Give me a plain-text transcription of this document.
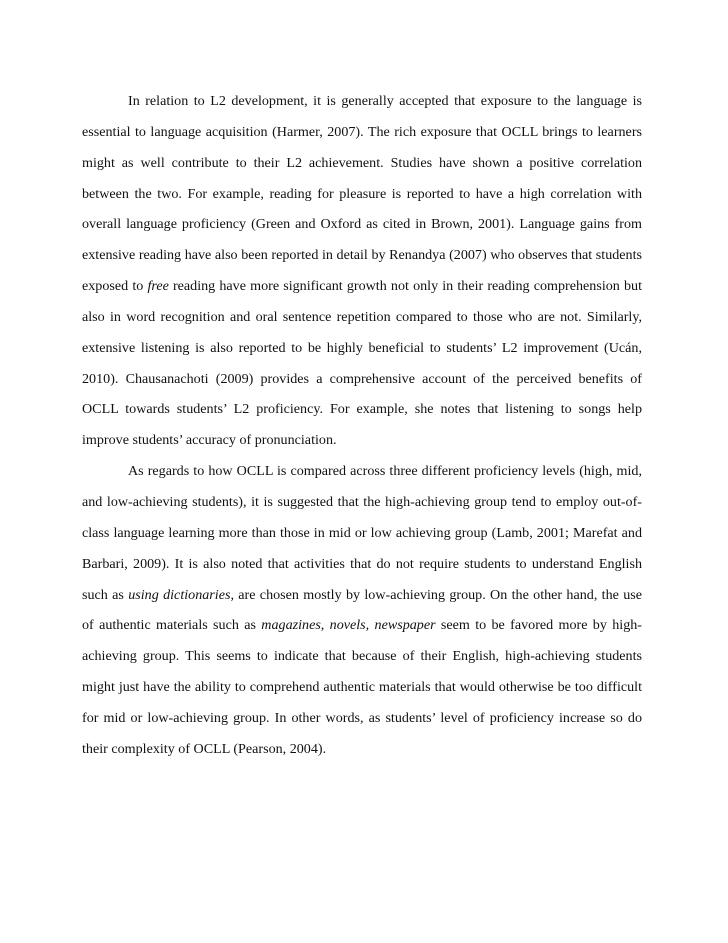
In relation to L2 development, it is generally accepted that exposure to the language is essential to language acquisition (Harmer, 2007). The rich exposure that OCLL brings to learners might as well contribute to their L2 achievement. Studies have shown a positive correlation between the two. For example, reading for pleasure is reported to have a high correlation with overall language proficiency (Green and Oxford as cited in Brown, 2001). Language gains from extensive reading have also been reported in detail by Renandya (2007) who observes that students exposed to free reading have more significant growth not only in their reading comprehension but also in word recognition and oral sentence repetition compared to those who are not. Similarly, extensive listening is also reported to be highly beneficial to students’ L2 improvement (Ucán, 2010). Chausanachoti (2009) provides a comprehensive account of the perceived benefits of OCLL towards students’ L2 proficiency. For example, she notes that listening to songs help improve students’ accuracy of pronunciation.

As regards to how OCLL is compared across three different proficiency levels (high, mid, and low-achieving students), it is suggested that the high-achieving group tend to employ out-of-class language learning more than those in mid or low achieving group (Lamb, 2001; Marefat and Barbari, 2009). It is also noted that activities that do not require students to understand English such as using dictionaries, are chosen mostly by low-achieving group. On the other hand, the use of authentic materials such as magazines, novels, newspaper seem to be favored more by high-achieving group. This seems to indicate that because of their English, high-achieving students might just have the ability to comprehend authentic materials that would otherwise be too difficult for mid or low-achieving group. In other words, as students’ level of proficiency increase so do their complexity of OCLL (Pearson, 2004).
